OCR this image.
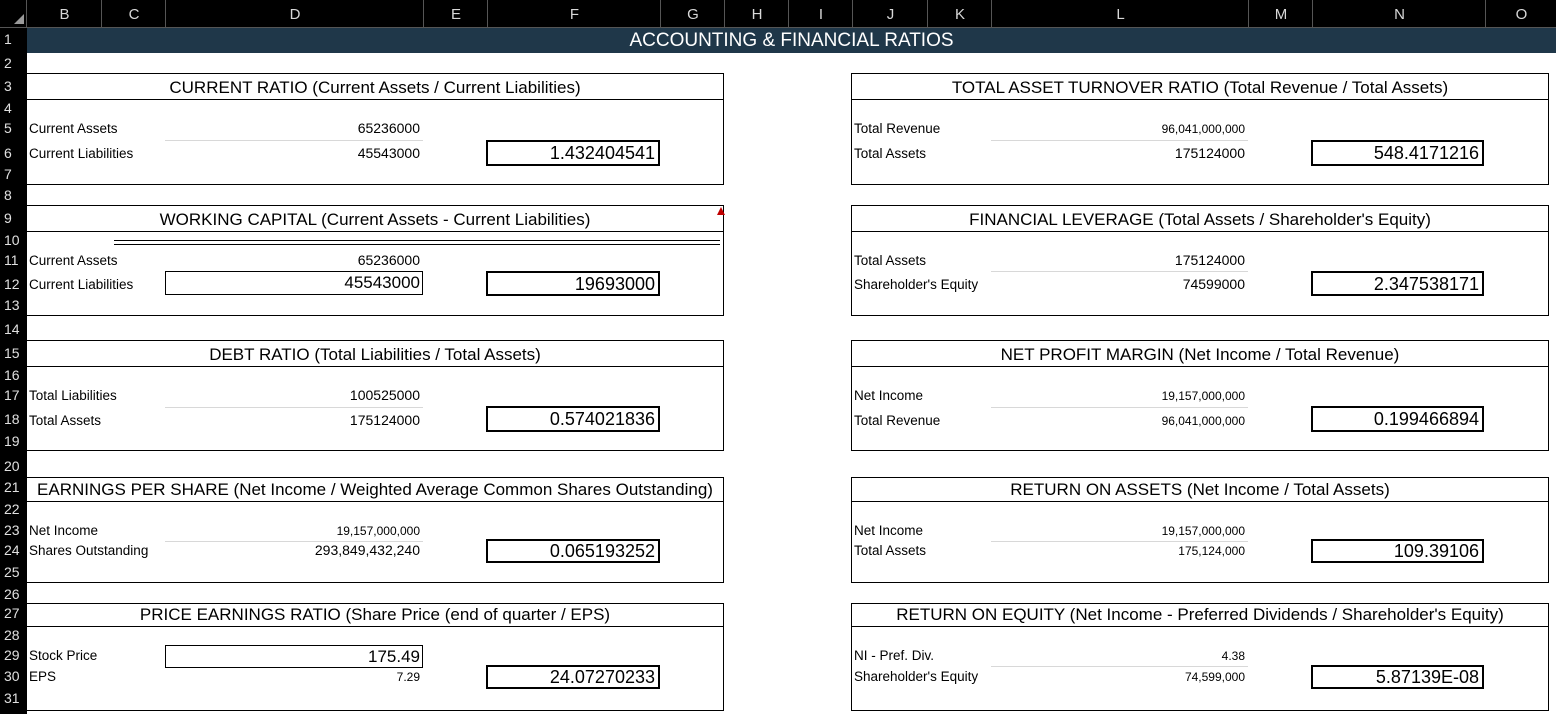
B	C	D	E	F	G	H	I	J	K	L	M	N	O
1
2
3
4
5
6
7
8
9
10
11
12
13
14
15
16
17
18
19
20
21
22
23
24
25
26
27
28
29
30
31
ACCOUNTING & FINANCIAL RATIOS
CURRENT RATIO (Current Assets / Current Liabilities)
Current Assets	65236000
Current Liabilities	45543000	1.432404541
WORKING CAPITAL (Current Assets - Current Liabilities)
Current Assets	65236000
Current Liabilities	45543000	19693000
DEBT RATIO (Total Liabilities / Total Assets)
Total Liabilities	100525000
Total Assets	175124000	0.574021836
EARNINGS PER SHARE (Net Income / Weighted Average Common Shares Outstanding)
Net Income	19,157,000,000
Shares Outstanding	293,849,432,240	0.065193252
PRICE EARNINGS RATIO (Share Price (end of quarter / EPS)
Stock Price	175.49
EPS	7.29	24.07270233
TOTAL ASSET TURNOVER RATIO (Total Revenue / Total Assets)
Total Revenue	96,041,000,000
Total Assets	175124000	548.4171216
FINANCIAL LEVERAGE (Total Assets / Shareholder's Equity)
Total Assets	175124000
Shareholder's Equity	74599000	2.347538171
NET PROFIT MARGIN (Net Income / Total Revenue)
Net Income	19,157,000,000
Total Revenue	96,041,000,000	0.199466894
RETURN ON ASSETS (Net Income / Total Assets)
Net Income	19,157,000,000
Total Assets	175,124,000	109.39106
RETURN ON EQUITY (Net Income - Preferred Dividends / Shareholder's Equity)
NI - Pref. Div.	4.38
Shareholder's Equity	74,599,000	5.87139E-08
